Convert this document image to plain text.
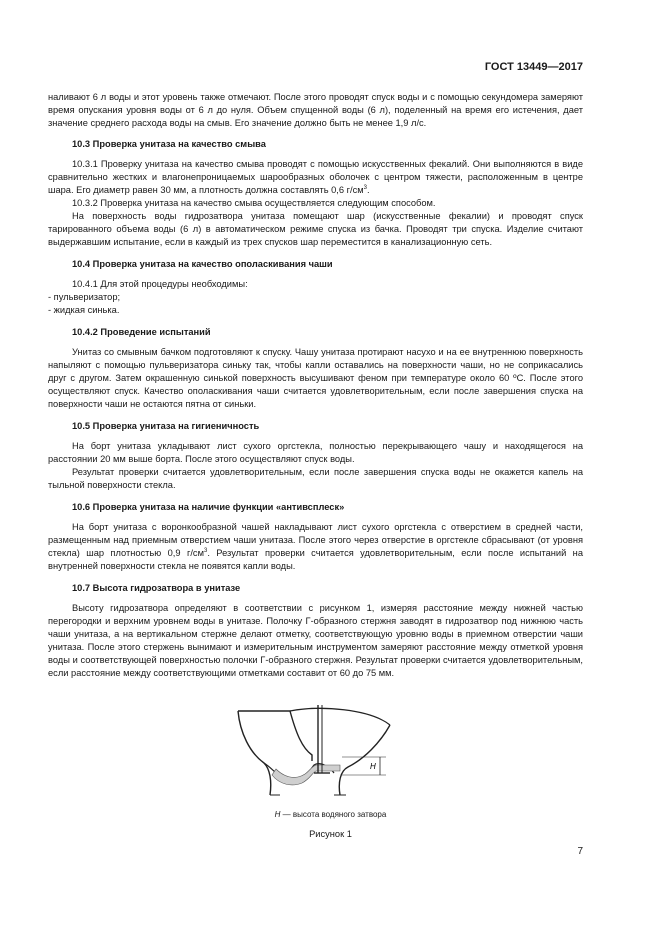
ГОСТ 13449—2017

наливают 6 л воды и этот уровень также отмечают. После этого проводят спуск воды и с помощью секундомера замеряют время опускания уровня воды от 6 л до нуля. Объем спущенной воды (6 л), поделенный на время его истечения, дает значение среднего расхода воды на смыв. Его значение должно быть не менее 1,9 л/с.

10.3 Проверка унитаза на качество смыва

10.3.1 Проверку унитаза на качество смыва проводят с помощью искусственных фекалий. Они выполняются в виде сравнительно жестких и влагонепроницаемых шарообразных оболочек с центром тяжести, расположенным в центре шара. Его диаметр равен 30 мм, а плотность должна составлять 0,6 $г/см^3$.

10.3.2 Проверка унитаза на качество смыва осуществляется следующим способом.

На поверхность воды гидрозатвора унитаза помещают шар (искусственные фекалии) и проводят спуск тарированного объема воды (6 л) в автоматическом режиме спуска из бачка. Проводят три спуска. Изделие считают выдержавшим испытание, если в каждый из трех спусков шар переместится в канализационную сеть.

10.4 Проверка унитаза на качество ополаскивания чаши

10.4.1 Для этой процедуры необходимы:

- пульверизатор;

- жидкая синька.

10.4.2 Проведение испытаний

Унитаз со смывным бачком подготовляют к спуску. Чашу унитаза протирают насухо и на ее внутреннюю поверхность напыляют с помощью пульверизатора синьку так, чтобы капли оставались на поверхности чаши, но не соприкасались друг с другом. Затем окрашенную синькой поверхность высушивают феном при температуре около 60 ºС. После этого осуществляют спуск. Качество ополаскивания чаши считается удовлетворительным, если после завершения спуска на поверхности чаши не остаются пятна от синьки.

10.5 Проверка унитаза на гигиеничность

На борт унитаза укладывают лист сухого оргстекла, полностью перекрывающего чашу и находящегося на расстоянии 20 мм выше борта. После этого осуществляют спуск воды.

Результат проверки считается удовлетворительным, если после завершения спуска воды не окажется капель на тыльной поверхности стекла.

10.6 Проверка унитаза на наличие функции «антивсплеск»

На борт унитаза с воронкообразной чашей накладывают лист сухого оргстекла с отверстием в средней части, размещенным над приемным отверстием чаши унитаза. После этого через отверстие в оргстекле сбрасывают (от уровня стекла) шар плотностью 0,9 $г/см^3$. Результат проверки считается удовлетворительным, если после испытаний на внутренней поверхности стекла не появятся капли воды.

10.7 Высота гидрозатвора в унитазе

Высоту гидрозатвора определяют в соответствии с рисунком 1, измеряя расстояние между нижней частью перегородки и верхним уровнем воды в унитазе. Полочку Г-образного стержня заводят в гидрозатвор под нижнюю часть чаши унитаза, а на вертикальном стержне делают отметку, соответствующую уровню воды в приемном отверстии чаши унитаза. После этого стержень вынимают и измерительным инструментом замеряют расстояние между отметкой уровня воды и соответствующей поверхностью полочки Г-образного стержня. Результат проверки считается удовлетворительным, если расстояние между соответствующими отметками составит от 60 до 75 мм.

H
H — высота водяного затвора
Рисунок 1
7
